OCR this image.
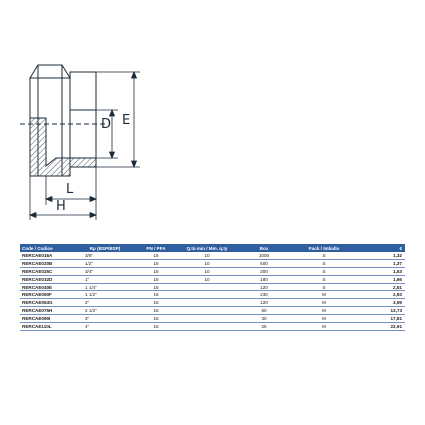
D E
L
H
Code / Codice	Rp (BSP/BSP)	PN / PFA	Q.tà min / Min. q.ty	Box	Pack / Imballo	€
RERCAE016A	3/8"	16	10	1000	S	1,32
RERCAE020B	1/2"	16	10	500	S	1,37
RERCAE025C	3/4"	16	10	300	S	1,53
RERCAE032D	1"	16	10	180	S	1,66
RERCAE040E	1 1/4"	16		120	S	2,51
RERCAE050F	1 1/2"	16		230	M	2,93
RERCAE063G	2"	16		120	M	3,99
RERCAE075H	2 1/2"	16		60	M	13,73
RERCAE090I	3"	16		30	M	17,81
RERCAE110L	4"	16		25	M	22,91
